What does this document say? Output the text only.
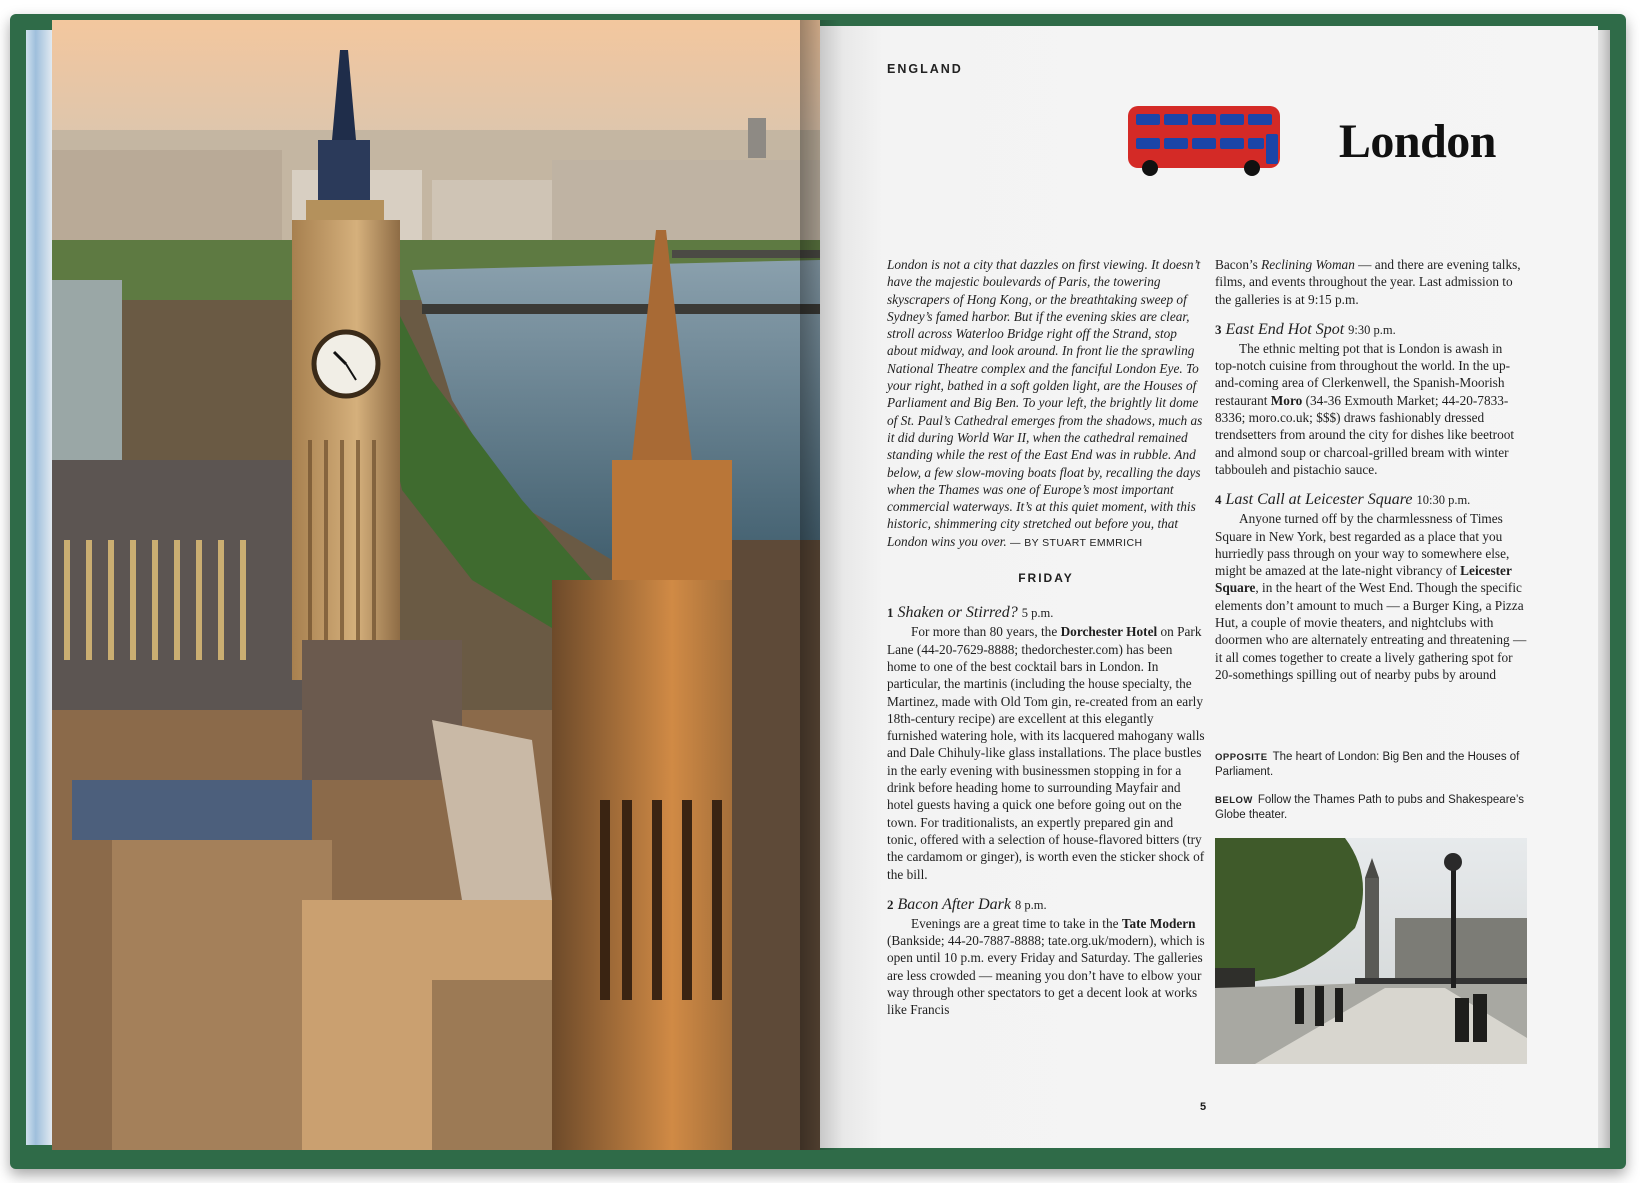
ENGLAND
London

London is not a city that dazzles on first viewing. It doesn’t have the majestic boulevards of Paris, the towering skyscrapers of Hong Kong, or the breathtaking sweep of Sydney’s famed harbor. But if the evening skies are clear, stroll across Waterloo Bridge right off the Strand, stop about midway, and look around. In front lie the sprawling National Theatre complex and the fanciful London Eye. To your right, bathed in a soft golden light, are the Houses of Parliament and Big Ben. To your left, the brightly lit dome of St. Paul’s Cathedral emerges from the shadows, much as it did during World War II, when the cathedral remained standing while the rest of the East End was in rubble. And below, a few slow-moving boats float by, recalling the days when the Thames was one of Europe’s most important commercial waterways. It’s at this quiet moment, with this historic, shimmering city stretched out before you, that London wins you over. — BY STUART EMMRICH

FRIDAY
1 Shaken or Stirred? 5 p.m.

For more than 80 years, the Dorchester Hotel on Park Lane (44-20-7629-8888; thedorchester.com) has been home to one of the best cocktail bars in London. In particular, the martinis (including the house specialty, the Martinez, made with Old Tom gin, re-created from an early 18th-century recipe) are excellent at this elegantly furnished watering hole, with its lacquered mahogany walls and Dale Chihuly-like glass installations. The place bustles in the early evening with businessmen stopping in for a drink before heading home to surrounding Mayfair and hotel guests having a quick one before going out on the town. For traditionalists, an expertly prepared gin and tonic, offered with a selection of house-flavored bitters (try the cardamom or ginger), is worth even the sticker shock of the bill.

2 Bacon After Dark 8 p.m.

Evenings are a great time to take in the Tate Modern (Bankside; 44-20-7887-8888; tate.org.uk/modern), which is open until 10 p.m. every Friday and Saturday. The galleries are less crowded — meaning you don’t have to elbow your way through other spectators to get a decent look at works like Francis

Bacon’s Reclining Woman — and there are evening talks, films, and events throughout the year. Last admission to the galleries is at 9:15 p.m.

3 East End Hot Spot 9:30 p.m.

The ethnic melting pot that is London is awash in top-notch cuisine from throughout the world. In the up-and-coming area of Clerkenwell, the Spanish-Moorish restaurant Moro (34-36 Exmouth Market; 44-20-7833-8336; moro.co.uk; $$$) draws fashionably dressed trendsetters from around the city for dishes like beetroot and almond soup or charcoal-grilled bream with winter tabbouleh and pistachio sauce.

4 Last Call at Leicester Square 10:30 p.m.

Anyone turned off by the charmlessness of Times Square in New York, best regarded as a place that you hurriedly pass through on your way to somewhere else, might be amazed at the late-night vibrancy of Leicester Square, in the heart of the West End. Though the specific elements don’t amount to much — a Burger King, a Pizza Hut, a couple of movie theaters, and nightclubs with doormen who are alternately entreating and threatening — it all comes together to create a lively gathering spot for 20-somethings spilling out of nearby pubs by around

OPPOSITE The heart of London: Big Ben and the Houses of Parliament.

BELOW Follow the Thames Path to pubs and Shakespeare’s Globe theater.

5
